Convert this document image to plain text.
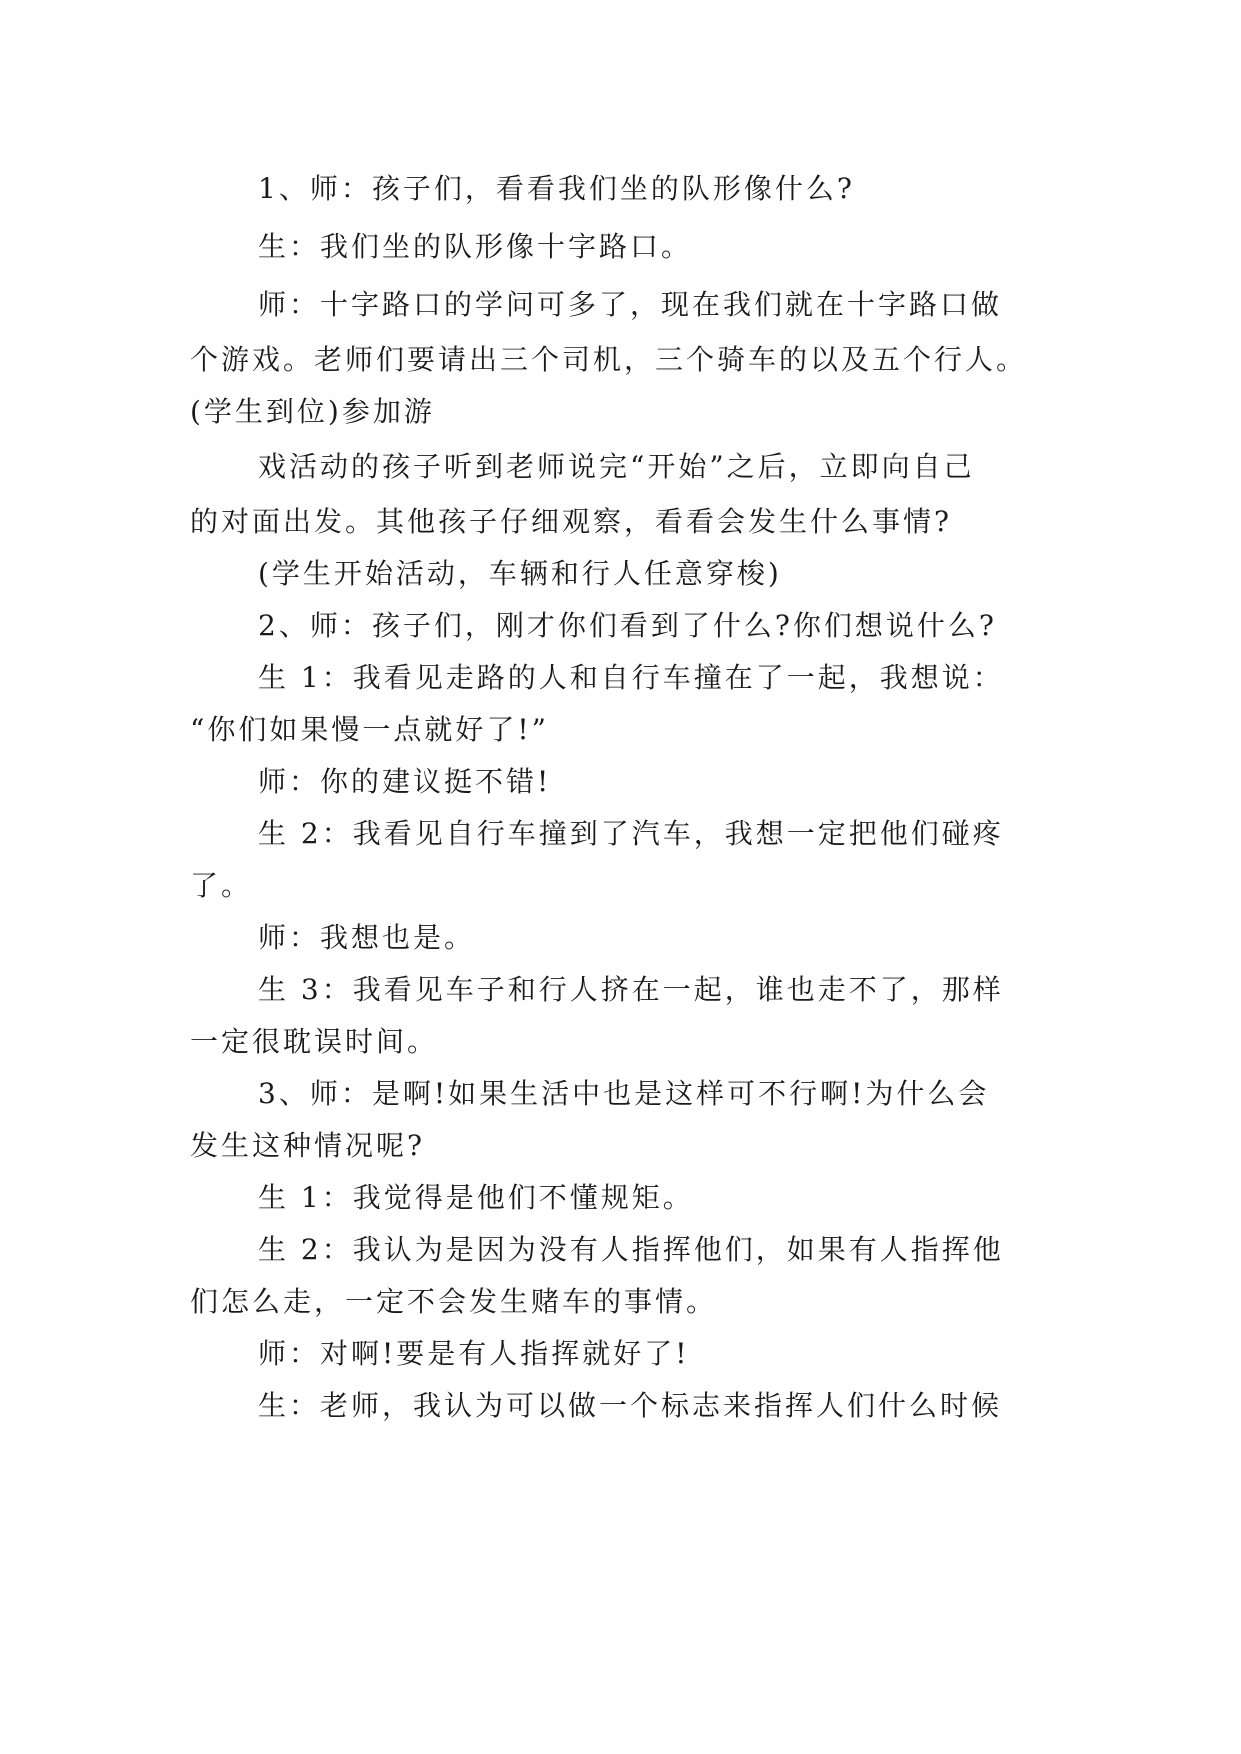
1、师：孩子们，看看我们坐的队形像什么?
生：我们坐的队形像十字路口。
师：十字路口的学问可多了，现在我们就在十字路口做
个游戏。老师们要请出三个司机，三个骑车的以及五个行人。
(学生到位)参加游
戏活动的孩子听到老师说完“开始”之后，立即向自己
的对面出发。其他孩子仔细观察，看看会发生什么事情?
(学生开始活动，车辆和行人任意穿梭)
2、师：孩子们，刚才你们看到了什么?你们想说什么?
生 1：我看见走路的人和自行车撞在了一起，我想说：
“你们如果慢一点就好了!”
师：你的建议挺不错!
生 2：我看见自行车撞到了汽车，我想一定把他们碰疼
了。
师：我想也是。
生 3：我看见车子和行人挤在一起，谁也走不了，那样
一定很耽误时间。
3、师：是啊!如果生活中也是这样可不行啊!为什么会
发生这种情况呢?
生 1：我觉得是他们不懂规矩。
生 2：我认为是因为没有人指挥他们，如果有人指挥他
们怎么走，一定不会发生赌车的事情。
师：对啊!要是有人指挥就好了!
生：老师，我认为可以做一个标志来指挥人们什么时候
